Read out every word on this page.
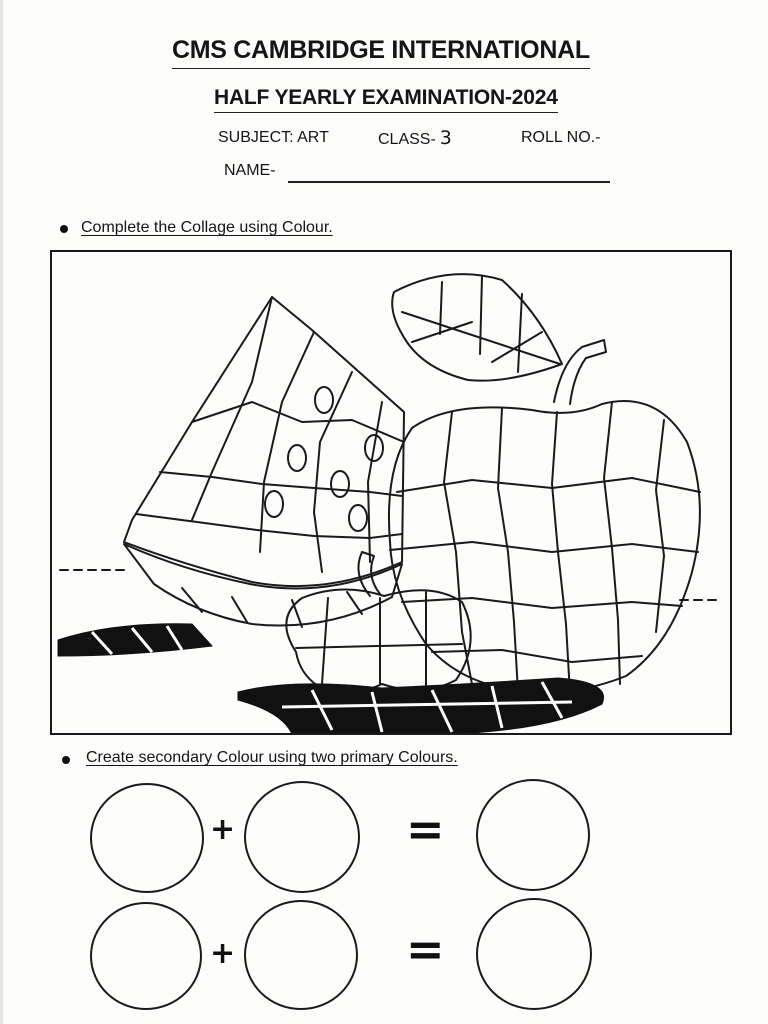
CMS CAMBRIDGE INTERNATIONAL
HALF YEARLY EXAMINATION-2024
SUBJECT: ART	CLASS- 3	ROLL NO.-
NAME-
Complete the Collage using Colour.
Create secondary Colour using two primary Colours.
+	=
+	=
